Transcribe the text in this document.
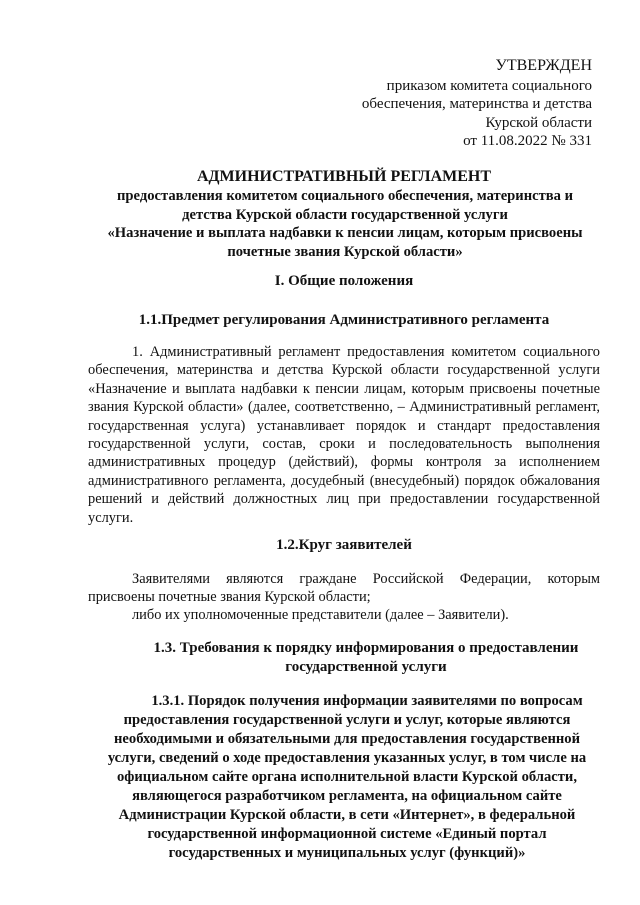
УТВЕРЖДЕН
приказом комитета социального
обеспечения, материнства и детства
Курской области
от 11.08.2022 № 331
АДМИНИСТРАТИВНЫЙ РЕГЛАМЕНТ
предоставления комитетом социального обеспечения, материнства и
детства Курской области государственной услуги
«Назначение и выплата надбавки к пенсии лицам, которым присвоены
почетные звания Курской области»
I. Общие положения
1.1.Предмет регулирования Административного регламента
1. Административный регламент предоставления комитетом социального обеспечения, материнства и детства Курской области государственной услуги «Назначение и выплата надбавки к пенсии лицам, которым присвоены почетные звания Курской области» (далее, соответственно, – Административный регламент, государственная услуга) устанавливает порядок и стандарт предоставления государственной услуги, состав, сроки и последовательность выполнения административных процедур (действий), формы контроля за исполнением административного регламента, досудебный (внесудебный) порядок обжалования решений и действий должностных лиц при предоставлении государственной услуги.
1.2.Круг заявителей
Заявителями являются граждане Российской Федерации, которым присвоены почетные звания Курской области;
либо их уполномоченные представители (далее – Заявители).
1.3. Требования к порядку информирования о предоставлении
государственной услуги
1.3.1. Порядок получения информации заявителями по вопросам
предоставления государственной услуги и услуг, которые являются
необходимыми и обязательными для предоставления государственной
услуги, сведений о ходе предоставления указанных услуг, в том числе на
официальном сайте органа исполнительной власти Курской области,
являющегося разработчиком регламента, на официальном сайте
Администрации Курской области, в сети «Интернет», в федеральной
государственной информационной системе «Единый портал
государственных и муниципальных услуг (функций)»
